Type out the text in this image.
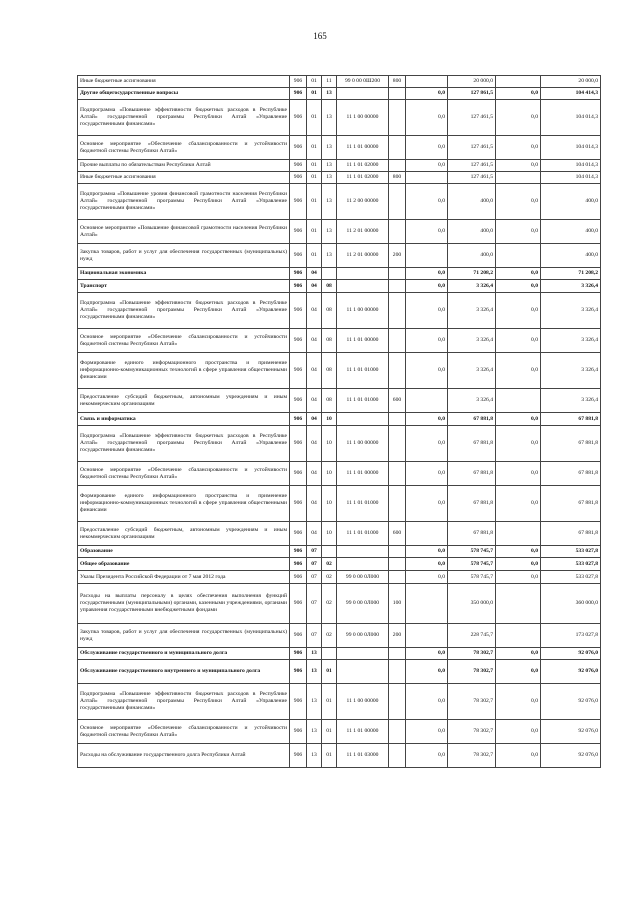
165
Иные бюджетные ассигнования	906	01	11	99 0 00 0Ш200	800		20 000,0		20 000,0
Другие общегосударственные вопросы	906	01	13			0,0	127 861,5	0,0	104 414,3
Подпрограмма «Повышение эффективности бюджетных расходов в Республике Алтай» государственной программы Республики Алтай «Управление государственными финансами»	906	01	13	11 1 00 00000		0,0	127 461,5	0,0	104 014,3
Основное мероприятие «Обеспечение сбалансированности и устойчивости бюджетной системы Республики Алтай»	906	01	13	11 1 01 00000		0,0	127 461,5	0,0	104 014,3
Прочие выплаты по обязательствам Республики Алтай	906	01	13	11 1 01 02000		0,0	127 461,5	0,0	104 014,3
Иные бюджетные ассигнования	906	01	13	11 1 01 02000	800		127 461,5		104 014,3
Подпрограмма «Повышение уровня финансовой грамотности населения Республики Алтай» государственной программы Республики Алтай «Управление государственными финансами»	906	01	13	11 2 00 00000		0,0	400,0	0,0	400,0
Основное мероприятие «Повышение финансовой грамотности населения Республики Алтай»	906	01	13	11 2 01 00000		0,0	400,0	0,0	400,0
Закупка товаров, работ и услуг для обеспечения государственных (муниципальных) нужд	906	01	13	11 2 01 00000	200		400,0		400,0
Национальная экономика	906	04				0,0	71 208,2	0,0	71 208,2
Транспорт	906	04	08			0,0	3 326,4	0,0	3 326,4
Подпрограмма «Повышение эффективности бюджетных расходов в Республике Алтай» государственной программы Республики Алтай «Управление государственными финансами»	906	04	08	11 1 00 00000		0,0	3 326,4	0,0	3 326,4
Основное мероприятие «Обеспечение сбалансированности и устойчивости бюджетной системы Республики Алтай»	906	04	08	11 1 01 00000		0,0	3 326,4	0,0	3 326,4
Формирование единого информационного пространства и применение информационно-коммуникационных технологий в сфере управления общественными финансами	906	04	08	11 1 01 01000		0,0	3 326,4	0,0	3 326,4
Предоставление субсидий бюджетным, автономным учреждениям и иным некоммерческим организациям	906	04	08	11 1 01 01000	600		3 326,4		3 326,4
Связь и информатика	906	04	10			0,0	67 881,8	0,0	67 881,8
Подпрограмма «Повышение эффективности бюджетных расходов в Республике Алтай» государственной программы Республики Алтай «Управление государственными финансами»	906	04	10	11 1 00 00000		0,0	67 881,8	0,0	67 881,8
Основное мероприятие «Обеспечение сбалансированности и устойчивости бюджетной системы Республики Алтай»	906	04	10	11 1 01 00000		0,0	67 881,8	0,0	67 881,8
Формирование единого информационного пространства и применение информационно-коммуникационных технологий в сфере управления общественными финансами	906	04	10	11 1 01 01000		0,0	67 881,8	0,0	67 881,8
Предоставление субсидий бюджетным, автономным учреждениям и иным некоммерческим организациям	906	04	10	11 1 01 01000	600		67 881,8		67 881,8
Образование	906	07				0,0	578 745,7	0,0	533 027,8
Общее образование	906	07	02			0,0	578 745,7	0,0	533 027,8
Указы Президента Российской Федерации от 7 мая 2012 года	906	07	02	99 0 00 0Л000		0,0	578 745,7	0,0	533 027,8
Расходы на выплаты персоналу в целях обеспечения выполнения функций государственными (муниципальными) органами, казенными учреждениями, органами управления государственными внебюджетными фондами	906	07	02	99 0 00 0Л000	100		350 000,0		360 000,0
Закупка товаров, работ и услуг для обеспечения государственных (муниципальных) нужд	906	07	02	99 0 00 0Л000	200		228 745,7		173 027,8
Обслуживание государственного и муниципального долга	906	13				0,0	78 302,7	0,0	92 076,0
Обслуживание государственного внутреннего и муниципального долга	906	13	01			0,0	78 302,7	0,0	92 076,0
Подпрограмма «Повышение эффективности бюджетных расходов в Республике Алтай» государственной программы Республики Алтай «Управление государственными финансами»	906	13	01	11 1 00 00000		0,0	78 302,7	0,0	92 076,0
Основное мероприятие «Обеспечение сбалансированности и устойчивости бюджетной системы Республики Алтай»	906	13	01	11 1 01 00000		0,0	78 302,7	0,0	92 076,0
Расходы на обслуживание государственного долга Республики Алтай	906	13	01	11 1 01 03000		0,0	78 302,7	0,0	92 076,0
